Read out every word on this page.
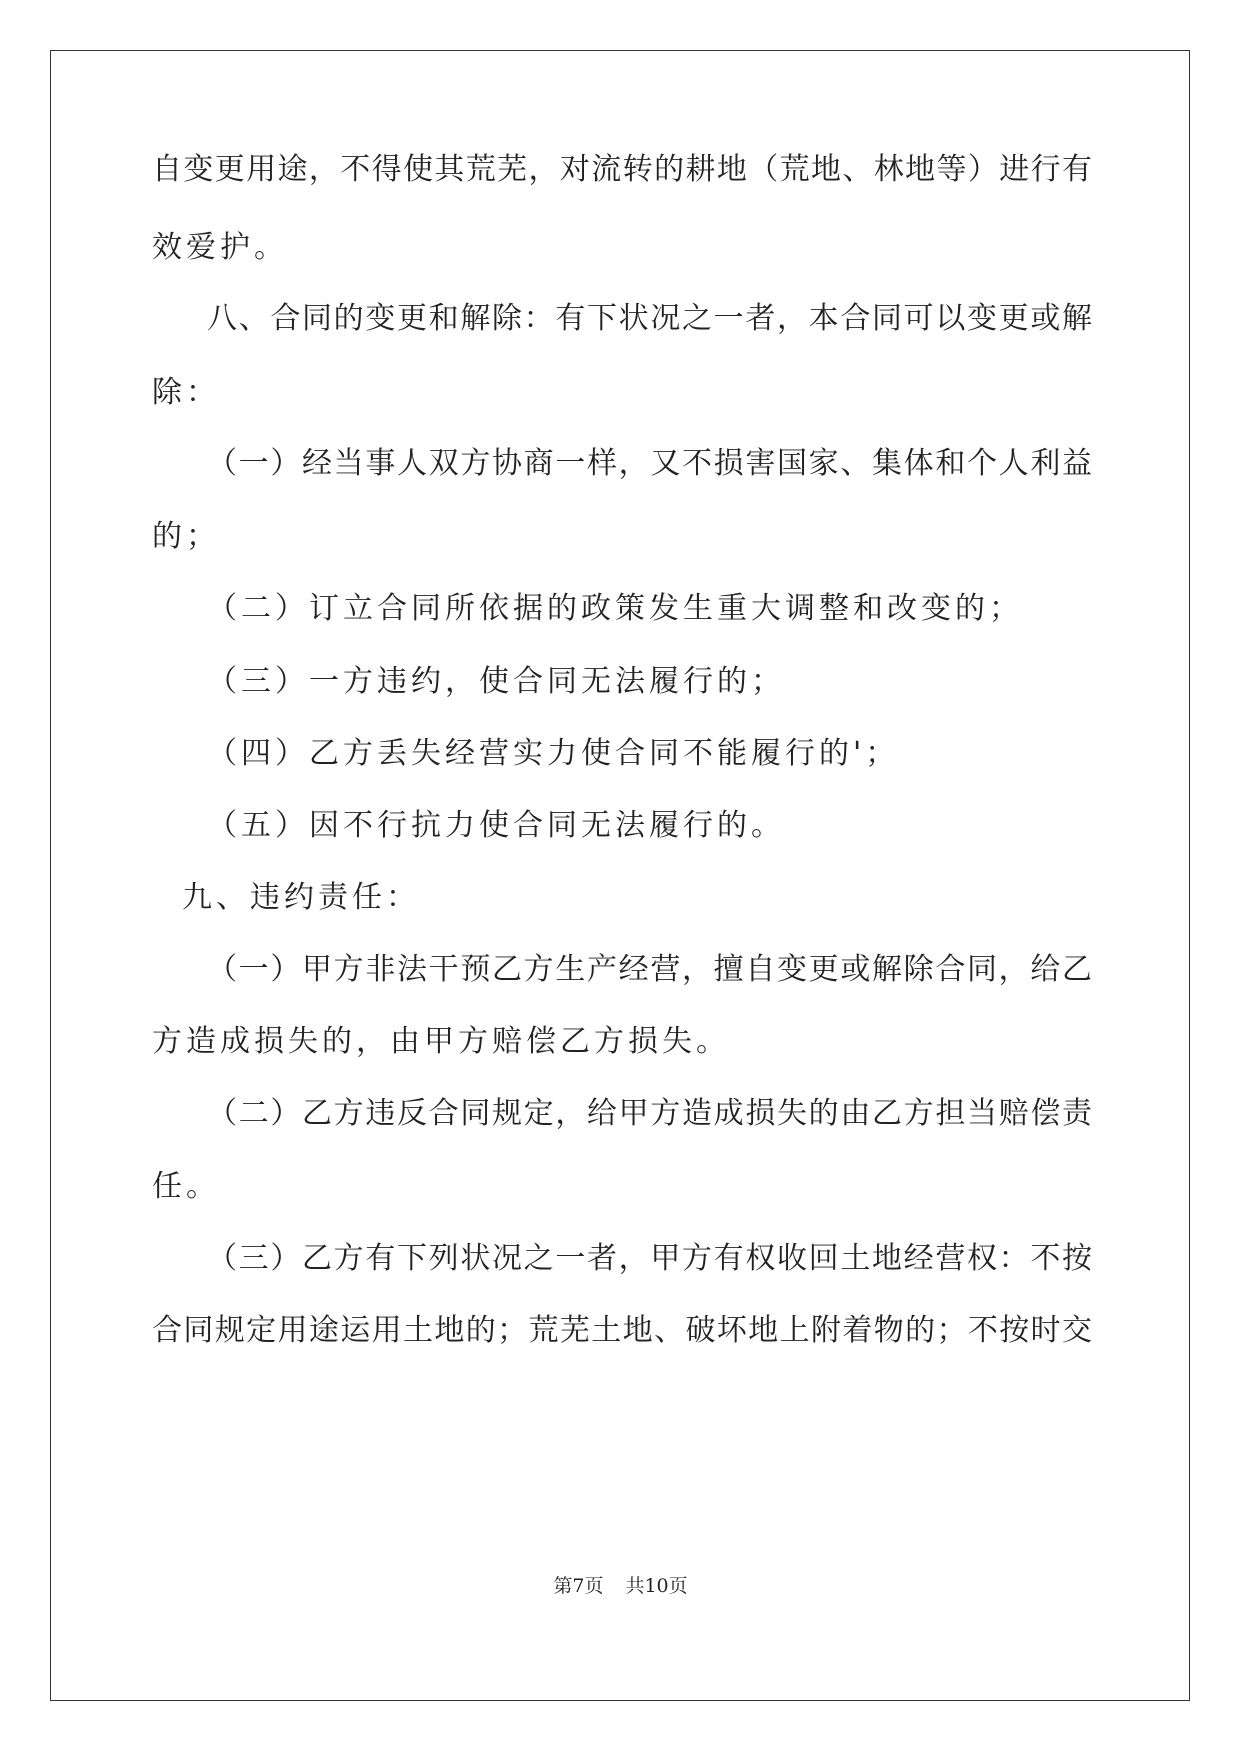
自变更用途，不得使其荒芜，对流转的耕地（荒地、林地等）进行有
效爱护。
八、合同的变更和解除：有下状况之一者，本合同可以变更或解
除：
（一）经当事人双方协商一样，又不损害国家、集体和个人利益
的；
（二）订立合同所依据的政策发生重大调整和改变的；
（三）一方违约，使合同无法履行的；
（四）乙方丢失经营实力使合同不能履行的'；
（五）因不行抗力使合同无法履行的。
九、违约责任：
（一）甲方非法干预乙方生产经营，擅自变更或解除合同，给乙
方造成损失的，由甲方赔偿乙方损失。
（二）乙方违反合同规定，给甲方造成损失的由乙方担当赔偿责
任。
（三）乙方有下列状况之一者，甲方有权收回土地经营权：不按
合同规定用途运用土地的；荒芜土地、破坏地上附着物的；不按时交
第7页 共10页
